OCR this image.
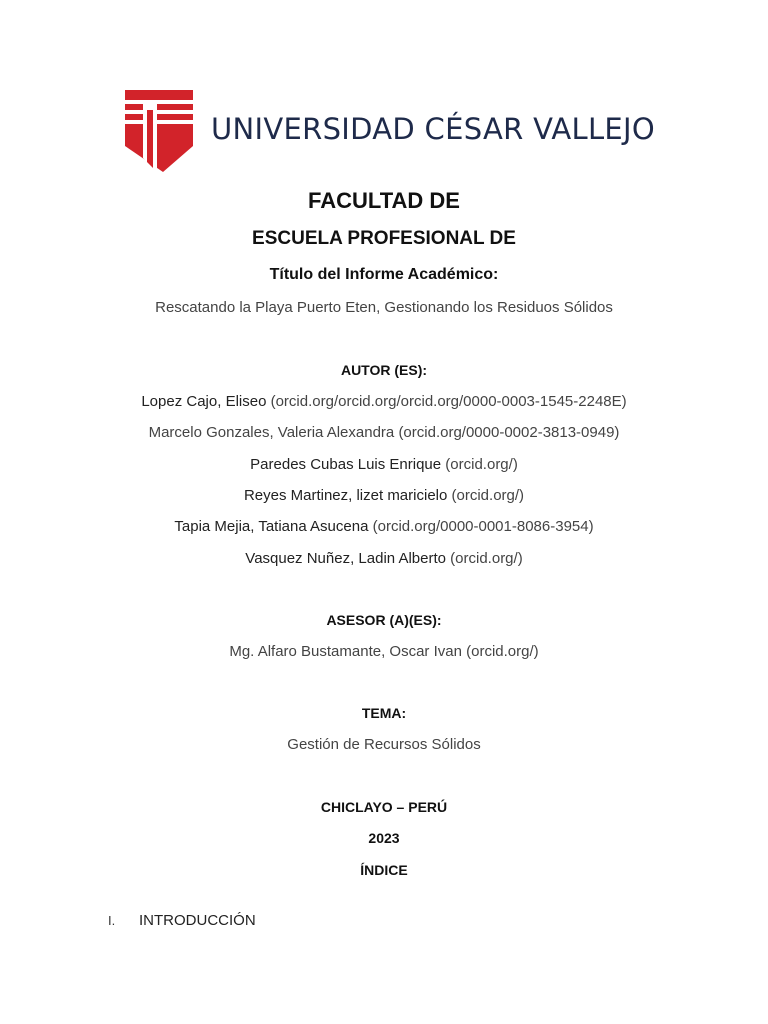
UNIVERSIDAD CÉSAR VALLEJO
FACULTAD DE
ESCUELA PROFESIONAL DE
Título del Informe Académico:
Rescatando la Playa Puerto Eten, Gestionando los Residuos Sólidos
AUTOR (ES):
Lopez Cajo, Eliseo (orcid.org/orcid.org/orcid.org/0000-0003-1545-2248E)
Marcelo Gonzales, Valeria Alexandra (orcid.org/0000-0002-3813-0949)
Paredes Cubas Luis Enrique (orcid.org/)
Reyes Martinez, lizet maricielo (orcid.org/)
Tapia Mejia, Tatiana Asucena (orcid.org/0000-0001-8086-3954)
Vasquez Nuñez, Ladin Alberto (orcid.org/)
ASESOR (A)(ES):
Mg. Alfaro Bustamante, Oscar Ivan (orcid.org/)
TEMA:
Gestión de Recursos Sólidos
CHICLAYO – PERÚ
2023
ÍNDICE
I. INTRODUCCIÓN
